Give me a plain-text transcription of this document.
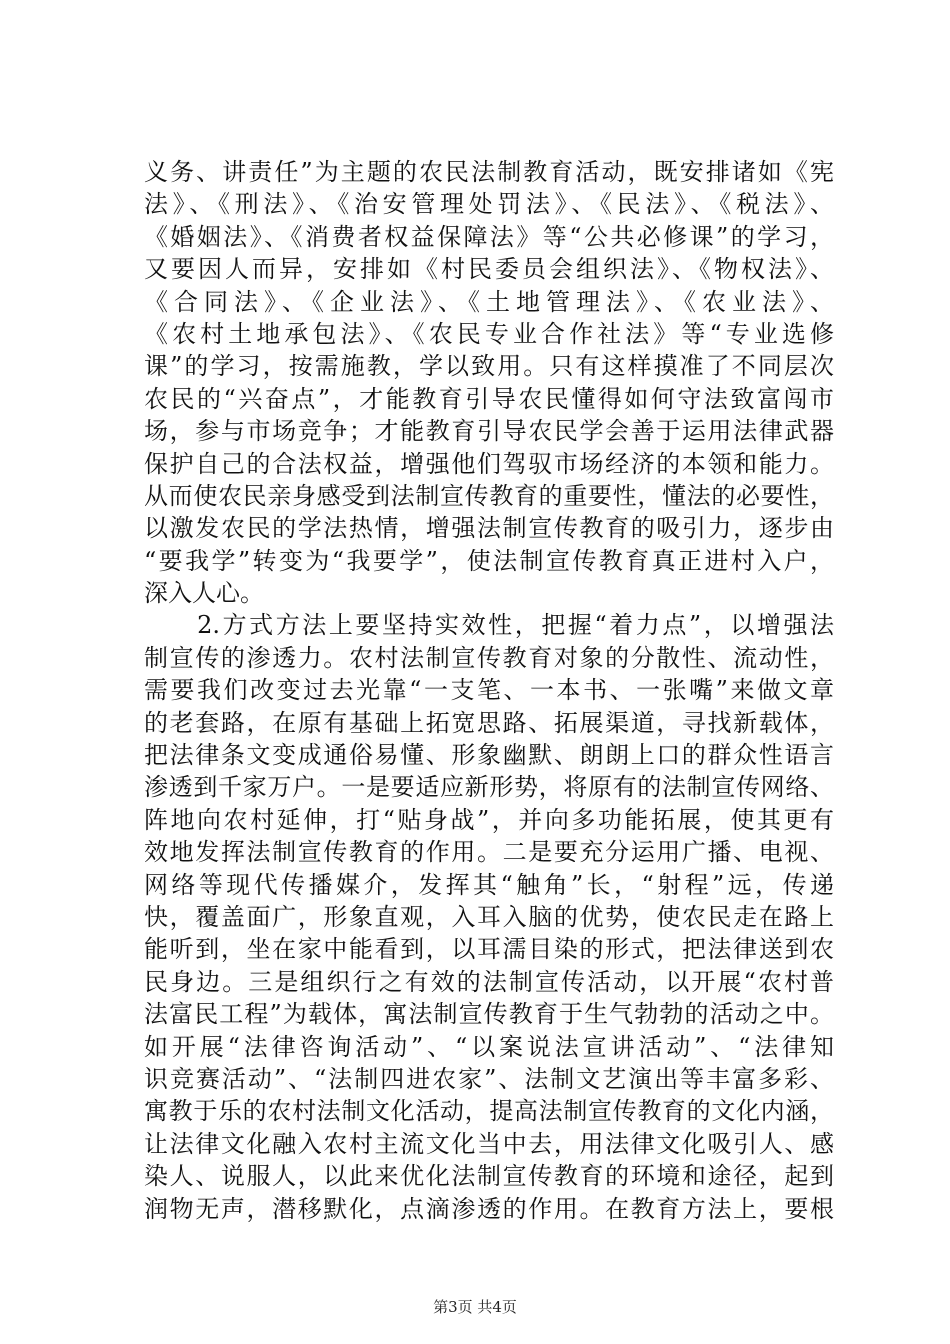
义务、讲责任”为主题的农民法制教育活动，既安排诸如《宪
法》、《刑法》、《治安管理处罚法》、《民法》、《税法》、
《婚姻法》、《消费者权益保障法》等“公共必修课”的学习，
又要因人而异，安排如《村民委员会组织法》、《物权法》、
《合同法》、《企业法》、《土地管理法》、《农业法》、
《农村土地承包法》、《农民专业合作社法》等“专业选修
课”的学习，按需施教，学以致用。只有这样摸准了不同层次
农民的“兴奋点”，才能教育引导农民懂得如何守法致富闯市
场，参与市场竞争；才能教育引导农民学会善于运用法律武器
保护自己的合法权益，增强他们驾驭市场经济的本领和能力。
从而使农民亲身感受到法制宣传教育的重要性，懂法的必要性，
以激发农民的学法热情，增强法制宣传教育的吸引力，逐步由
“要我学”转变为“我要学”，使法制宣传教育真正进村入户，
深入人心。
　　2.方式方法上要坚持实效性，把握“着力点”，以增强法
制宣传的渗透力。农村法制宣传教育对象的分散性、流动性，
需要我们改变过去光靠“一支笔、一本书、一张嘴”来做文章
的老套路，在原有基础上拓宽思路、拓展渠道，寻找新载体，
把法律条文变成通俗易懂、形象幽默、朗朗上口的群众性语言
渗透到千家万户。一是要适应新形势，将原有的法制宣传网络、
阵地向农村延伸，打“贴身战”，并向多功能拓展，使其更有
效地发挥法制宣传教育的作用。二是要充分运用广播、电视、
网络等现代传播媒介，发挥其“触角”长，“射程”远，传递
快，覆盖面广，形象直观，入耳入脑的优势，使农民走在路上
能听到，坐在家中能看到，以耳濡目染的形式，把法律送到农
民身边。三是组织行之有效的法制宣传活动，以开展“农村普
法富民工程”为载体，寓法制宣传教育于生气勃勃的活动之中。
如开展“法律咨询活动”、“以案说法宣讲活动”、“法律知
识竞赛活动”、“法制四进农家”、法制文艺演出等丰富多彩、
寓教于乐的农村法制文化活动，提高法制宣传教育的文化内涵，
让法律文化融入农村主流文化当中去，用法律文化吸引人、感
染人、说服人，以此来优化法制宣传教育的环境和途径，起到
润物无声，潜移默化，点滴渗透的作用。在教育方法上，要根
第3页 共4页
